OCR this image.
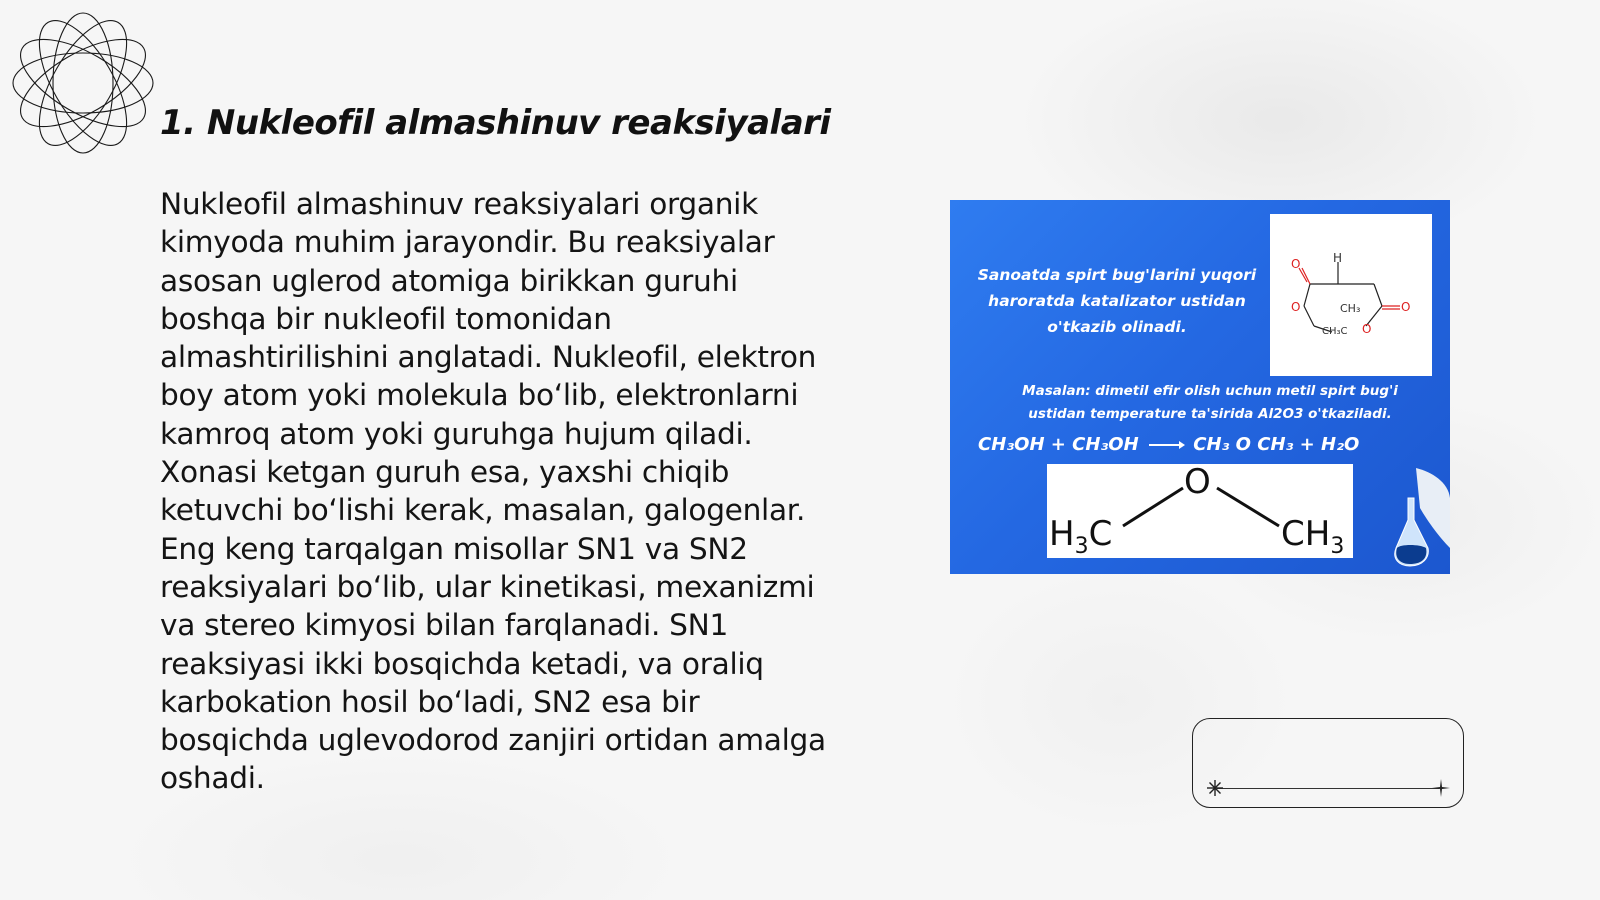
1. Nukleofil almashinuv reaksiyalari

Nukleofil almashinuv reaksiyalari organik kimyoda muhim jarayondir. Bu reaksiyalar asosan uglerod atomiga birikkan guruhi boshqa bir nukleofil tomonidan almashtirilishini anglatadi. Nukleofil, elektron boy atom yoki molekula bo‘lib, elektronlarni kamroq atom yoki guruhga hujum qiladi. Xonasi ketgan guruh esa, yaxshi chiqib ketuvchi bo‘lishi kerak, masalan, galogenlar. Eng keng tarqalgan misollar SN1 va SN2 reaksiyalari bo‘lib, ular kinetikasi, mexanizmi va stereo kimyosi bilan farqlanadi. SN1 reaksiyasi ikki bosqichda ketadi, va oraliq karbokation hosil bo‘ladi, SN2 esa bir bosqichda uglevodorod zanjiri ortidan amalga oshadi.

Sanoatda spirt bug'larini yuqori
haroratda katalizator ustidan
o'tkazib olinadi.
H
O
O	O
O
CH₃
CH₃C
Masalan: dimetil efir olish uchun metil spirt bug'i
ustidan temperature ta'sirida Al2O3 o'tkaziladi.
CH₃OH + CH₃OH → CH₃ O CH₃ + H₂O
O
$H_3C$	$CH_3$
